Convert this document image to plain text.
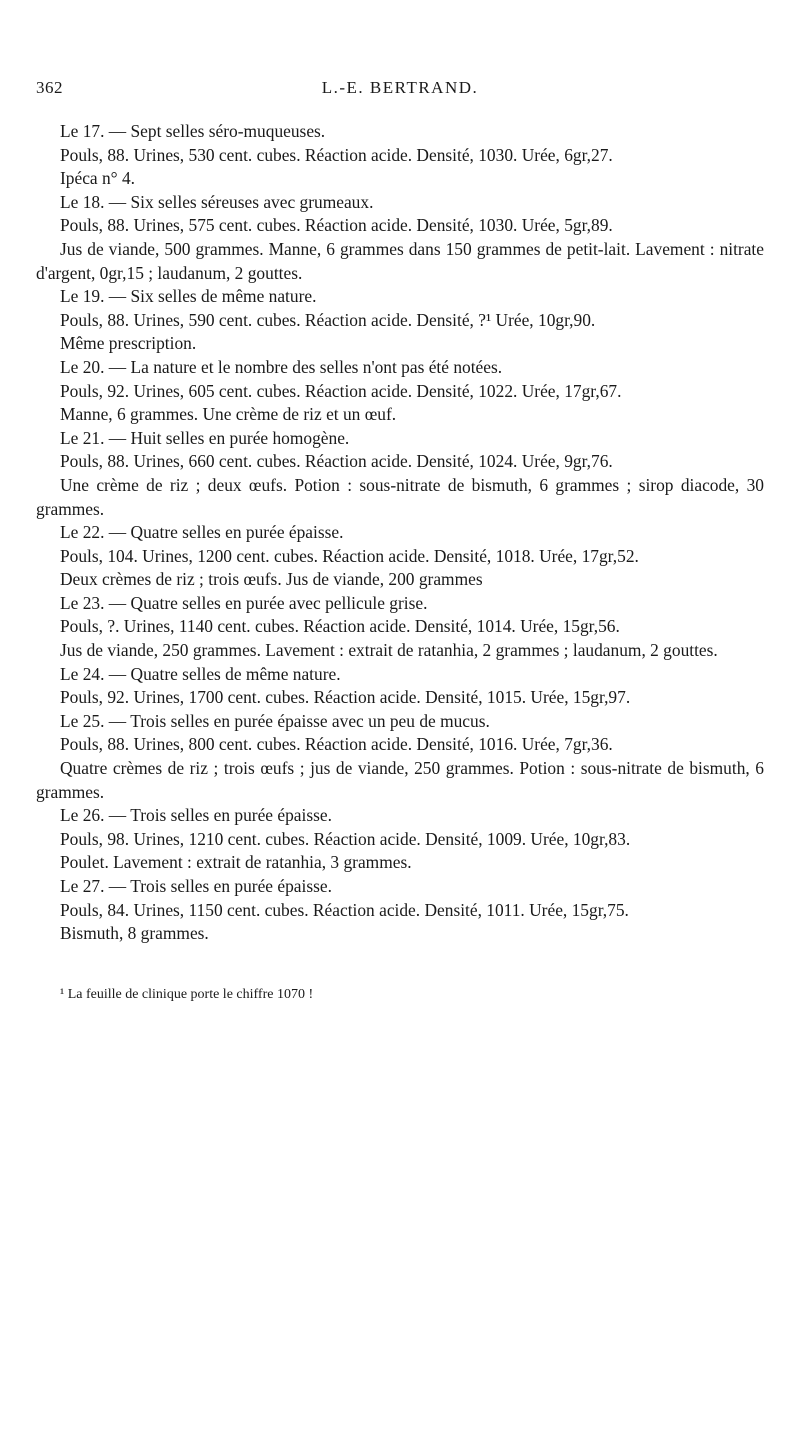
362	L.-E. BERTRAND.

Le 17. — Sept selles séro-muqueuses.

Pouls, 88. Urines, 530 cent. cubes. Réaction acide. Densité, 1030. Urée, 6gr,27.

Ipéca n° 4.

Le 18. — Six selles séreuses avec grumeaux.

Pouls, 88. Urines, 575 cent. cubes. Réaction acide. Densité, 1030. Urée, 5gr,89.

Jus de viande, 500 grammes. Manne, 6 grammes dans 150 grammes de petit-lait. Lavement : nitrate d'argent, 0gr,15 ; laudanum, 2 gouttes.

Le 19. — Six selles de même nature.

Pouls, 88. Urines, 590 cent. cubes. Réaction acide. Densité, ?¹ Urée, 10gr,90.

Même prescription.

Le 20. — La nature et le nombre des selles n'ont pas été notées.

Pouls, 92. Urines, 605 cent. cubes. Réaction acide. Densité, 1022. Urée, 17gr,67.

Manne, 6 grammes. Une crème de riz et un œuf.

Le 21. — Huit selles en purée homogène.

Pouls, 88. Urines, 660 cent. cubes. Réaction acide. Densité, 1024. Urée, 9gr,76.

Une crème de riz ; deux œufs. Potion : sous-nitrate de bismuth, 6 grammes ; sirop diacode, 30 grammes.

Le 22. — Quatre selles en purée épaisse.

Pouls, 104. Urines, 1200 cent. cubes. Réaction acide. Densité, 1018. Urée, 17gr,52.

Deux crèmes de riz ; trois œufs. Jus de viande, 200 grammes

Le 23. — Quatre selles en purée avec pellicule grise.

Pouls, ?. Urines, 1140 cent. cubes. Réaction acide. Densité, 1014. Urée, 15gr,56.

Jus de viande, 250 grammes. Lavement : extrait de ratanhia, 2 grammes ; laudanum, 2 gouttes.

Le 24. — Quatre selles de même nature.

Pouls, 92. Urines, 1700 cent. cubes. Réaction acide. Densité, 1015. Urée, 15gr,97.

Le 25. — Trois selles en purée épaisse avec un peu de mucus.

Pouls, 88. Urines, 800 cent. cubes. Réaction acide. Densité, 1016. Urée, 7gr,36.

Quatre crèmes de riz ; trois œufs ; jus de viande, 250 grammes. Potion : sous-nitrate de bismuth, 6 grammes.

Le 26. — Trois selles en purée épaisse.

Pouls, 98. Urines, 1210 cent. cubes. Réaction acide. Densité, 1009. Urée, 10gr,83.

Poulet. Lavement : extrait de ratanhia, 3 grammes.

Le 27. — Trois selles en purée épaisse.

Pouls, 84. Urines, 1150 cent. cubes. Réaction acide. Densité, 1011. Urée, 15gr,75.

Bismuth, 8 grammes.

¹ La feuille de clinique porte le chiffre 1070 !
